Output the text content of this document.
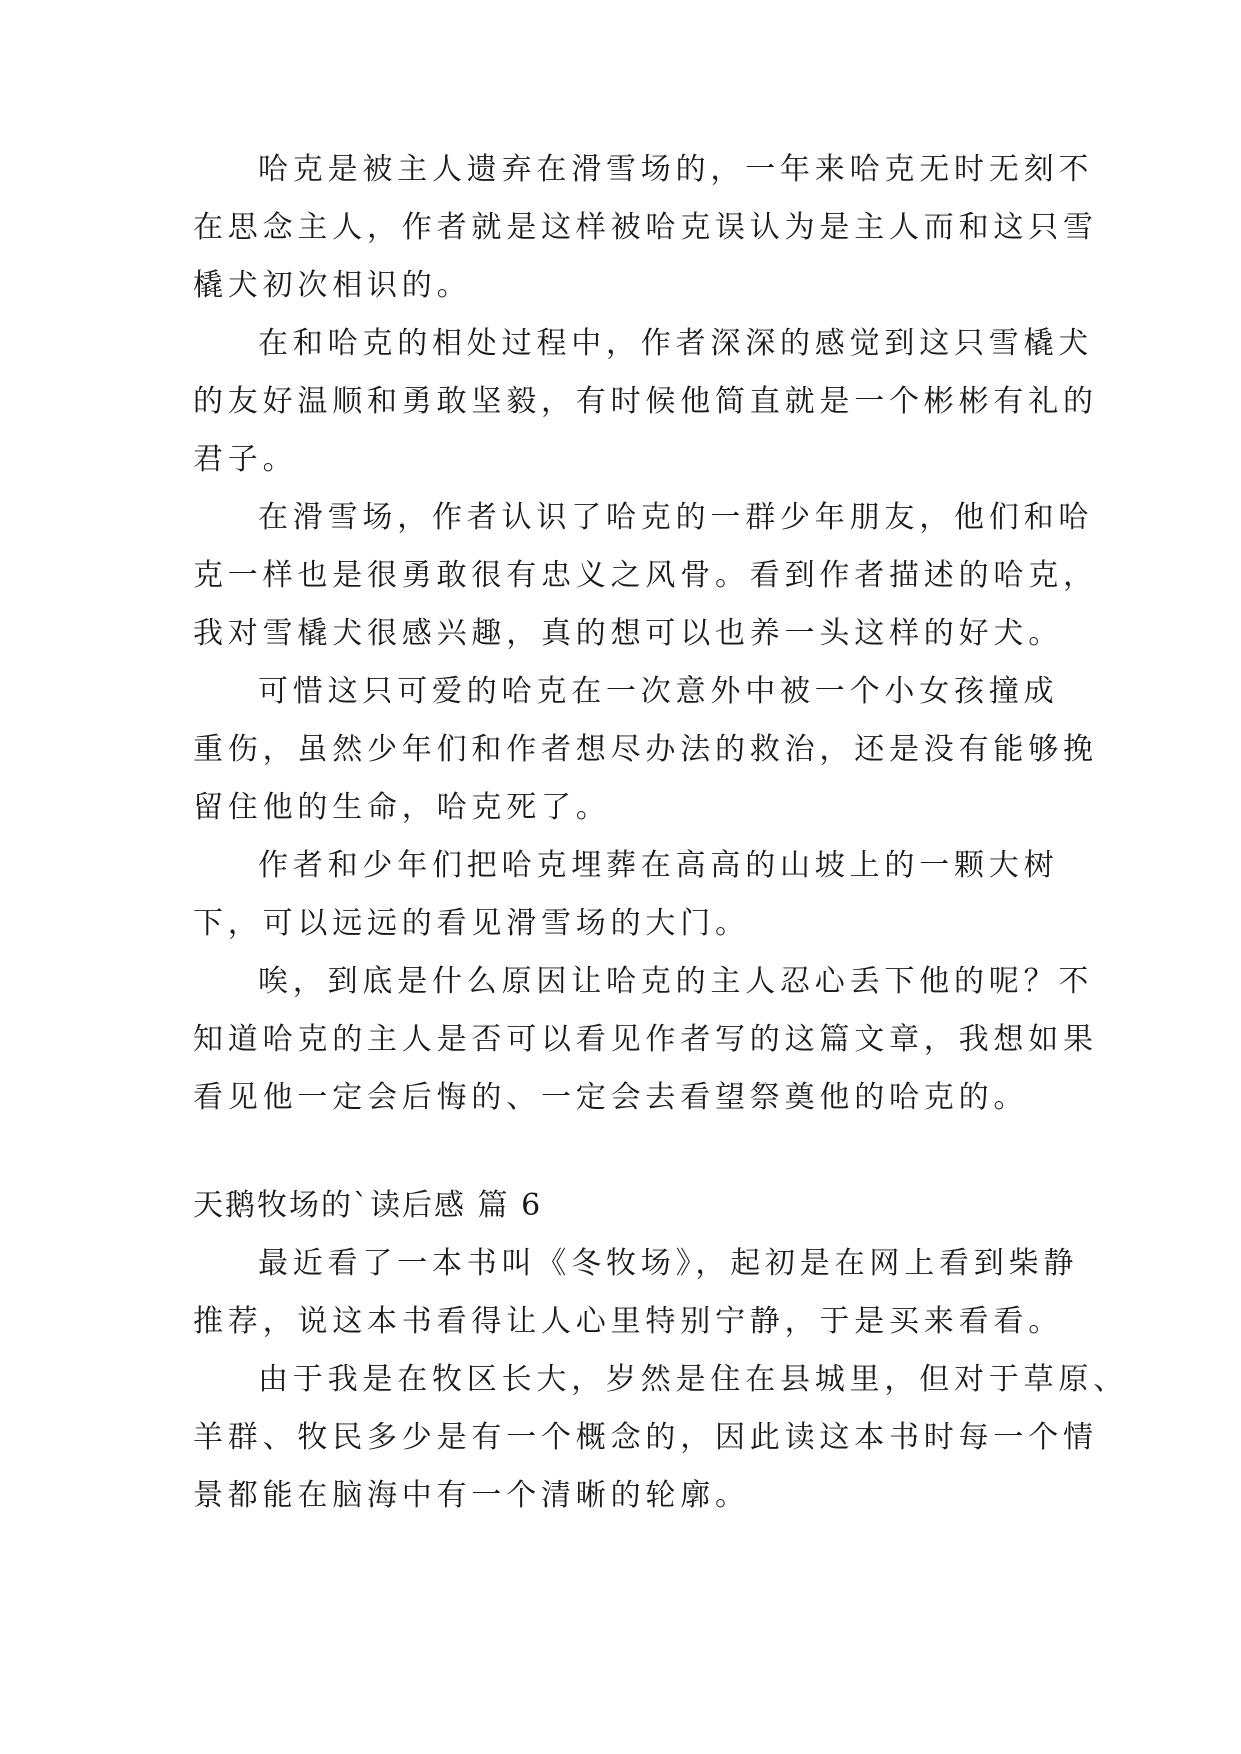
哈克是被主人遗弃在滑雪场的，一年来哈克无时无刻不
在思念主人，作者就是这样被哈克误认为是主人而和这只雪
橇犬初次相识的。
在和哈克的相处过程中，作者深深的感觉到这只雪橇犬
的友好温顺和勇敢坚毅，有时候他简直就是一个彬彬有礼的
君子。
在滑雪场，作者认识了哈克的一群少年朋友，他们和哈
克一样也是很勇敢很有忠义之风骨。看到作者描述的哈克，
我对雪橇犬很感兴趣，真的想可以也养一头这样的好犬。
可惜这只可爱的哈克在一次意外中被一个小女孩撞成
重伤，虽然少年们和作者想尽办法的救治，还是没有能够挽
留住他的生命，哈克死了。
作者和少年们把哈克埋葬在高高的山坡上的一颗大树
下，可以远远的看见滑雪场的大门。
唉，到底是什么原因让哈克的主人忍心丢下他的呢？不
知道哈克的主人是否可以看见作者写的这篇文章，我想如果
看见他一定会后悔的、一定会去看望祭奠他的哈克的。
天鹅牧场的`读后感 篇 6
最近看了一本书叫《冬牧场》，起初是在网上看到柴静
推荐，说这本书看得让人心里特别宁静，于是买来看看。
由于我是在牧区长大，岁然是住在县城里，但对于草原、
羊群、牧民多少是有一个概念的，因此读这本书时每一个情
景都能在脑海中有一个清晰的轮廓。
